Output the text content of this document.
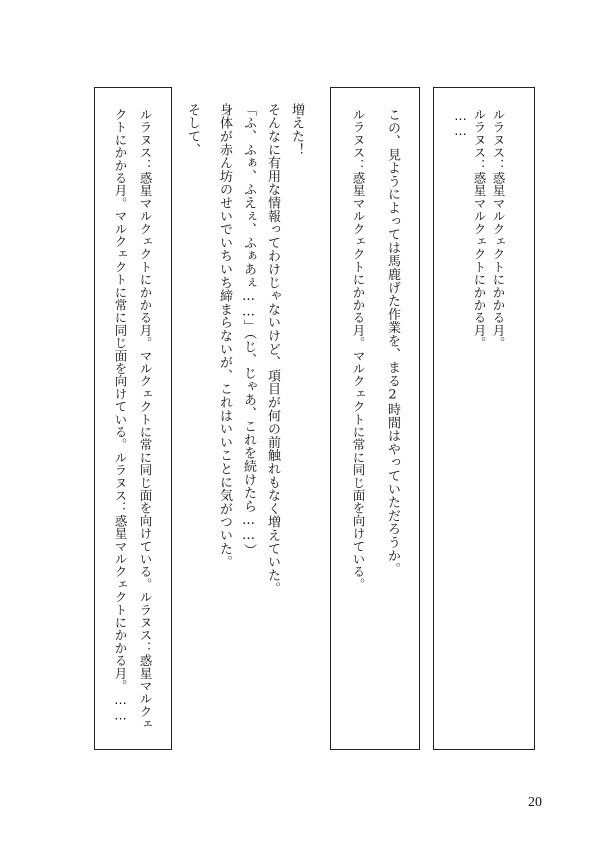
ルラヌス：惑星マルクェクトにかかる月。
ルラヌス：惑星マルクェクトにかかる月。
……
この、見ようによっては馬鹿げた作業を、まる2時間はやっていただろうか。
ルラヌス：惑星マルクェクトにかかる月。マルクェクトに常に同じ面を向けている。
増えた！
そんなに有用な情報ってわけじゃないけど、項目が何の前触れもなく増えていた。
「ふ、ふぁ、ふえぇ、ふぁあぇ……」（じ、じゃあ、これを続けたら……）
身体が赤ん坊のせいでいちいち締まらないが、これはいいことに気がついた。
そして、
ルラヌス：惑星マルクェクトにかかる月。マルクェクトに常に同じ面を向けている。ルラヌス：惑星マルクェ
クトにかかる月。マルクェクトに常に同じ面を向けている。ルラヌス：惑星マルクェクトにかかる月。……
20
